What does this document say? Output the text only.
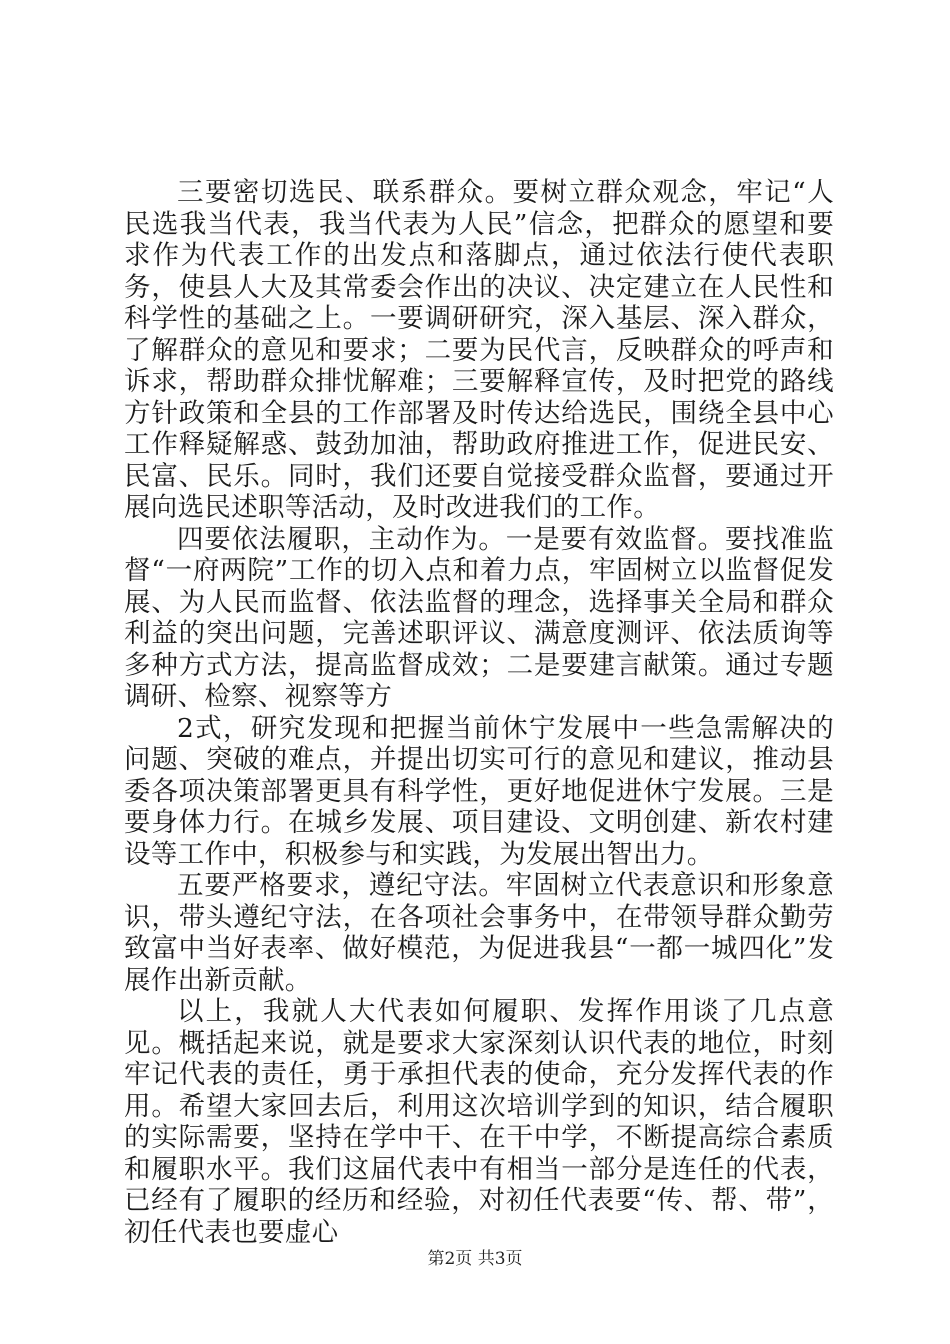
三要密切选民、联系群众。要树立群众观念，牢记“人民选我当代表，我当代表为人民”信念，把群众的愿望和要求作为代表工作的出发点和落脚点，通过依法行使代表职务，使县人大及其常委会作出的决议、决定建立在人民性和科学性的基础之上。一要调研研究，深入基层、深入群众，了解群众的意见和要求；二要为民代言，反映群众的呼声和诉求，帮助群众排忧解难；三要解释宣传，及时把党的路线方针政策和全县的工作部署及时传达给选民，围绕全县中心工作释疑解惑、鼓劲加油，帮助政府推进工作，促进民安、民富、民乐。同时，我们还要自觉接受群众监督，要通过开展向选民述职等活动，及时改进我们的工作。

四要依法履职，主动作为。一是要有效监督。要找准监督“一府两院”工作的切入点和着力点，牢固树立以监督促发展、为人民而监督、依法监督的理念，选择事关全局和群众利益的突出问题，完善述职评议、满意度测评、依法质询等多种方式方法，提高监督成效；二是要建言献策。通过专题调研、检察、视察等方

2式，研究发现和把握当前休宁发展中一些急需解决的问题、突破的难点，并提出切实可行的意见和建议，推动县委各项决策部署更具有科学性，更好地促进休宁发展。三是要身体力行。在城乡发展、项目建设、文明创建、新农村建设等工作中，积极参与和实践，为发展出智出力。

五要严格要求，遵纪守法。牢固树立代表意识和形象意识，带头遵纪守法，在各项社会事务中，在带领导群众勤劳致富中当好表率、做好模范，为促进我县“一都一城四化”发展作出新贡献。

以上，我就人大代表如何履职、发挥作用谈了几点意见。概括起来说，就是要求大家深刻认识代表的地位，时刻牢记代表的责任，勇于承担代表的使命，充分发挥代表的作用。希望大家回去后，利用这次培训学到的知识，结合履职的实际需要，坚持在学中干、在干中学，不断提高综合素质和履职水平。我们这届代表中有相当一部分是连任的代表，已经有了履职的经历和经验，对初任代表要“传、帮、带”，初任代表也要虚心

第2页 共3页
